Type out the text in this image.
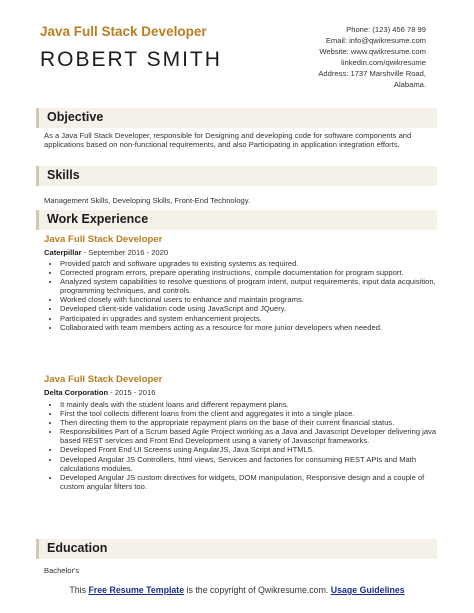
Java Full Stack Developer
ROBERT SMITH
Phone: (123) 456 78 99
Email: info@qwikresume.com
Website: www.qwikresume.com
linkedin.com/qwikresume
Address: 1737 Marshville Road,
Alabama.
Objective
As a Java Full Stack Developer, responsible for Designing and developing code for software components and applications based on non-functional requirements, and also Participating in application integration efforts.
Skills
Management Skills, Developing Skills, Front-End Technology.
Work Experience
Java Full Stack Developer
Caterpillar - September 2016 - 2020
• Provided patch and software upgrades to existing systems as required.
• Corrected program errors, prepare operating instructions, compile documentation for program support.
• Analyzed system capabilities to resolve questions of program intent, output requirements, input data acquisition, programming techniques, and controls.
• Worked closely with functional users to enhance and maintain programs.
• Developed client-side validation code using JavaScript and JQuery.
• Participated in upgrades and system enhancement projects.
• Collaborated with team members acting as a resource for more junior developers when needed.
Java Full Stack Developer
Delta Corporation - 2015 - 2016
• It mainly deals with the student loans and different repayment plans.
• First the tool collects different loans from the client and aggregates it into a single place.
• Then directing them to the appropriate repayment plans on the base of their current financial status.
• Responsibilities Part of a Scrum based Agile Project working as a Java and Javascript Developer delivering java based REST services and Front End Development using a variety of Javascript frameworks.
• Developed Front End UI Screens using AngularJS, Java Script and HTML5.
• Developed Angular JS Controllers, html views, Services and factories for consuming REST APIs and Math calculations modules.
• Developed Angular JS custom directives for widgets, DOM manipulation, Responsive design and a couple of custom angular filters too.
Education
Bachelor's
This Free Resume Template is the copyright of Qwikresume.com. Usage Guidelines
